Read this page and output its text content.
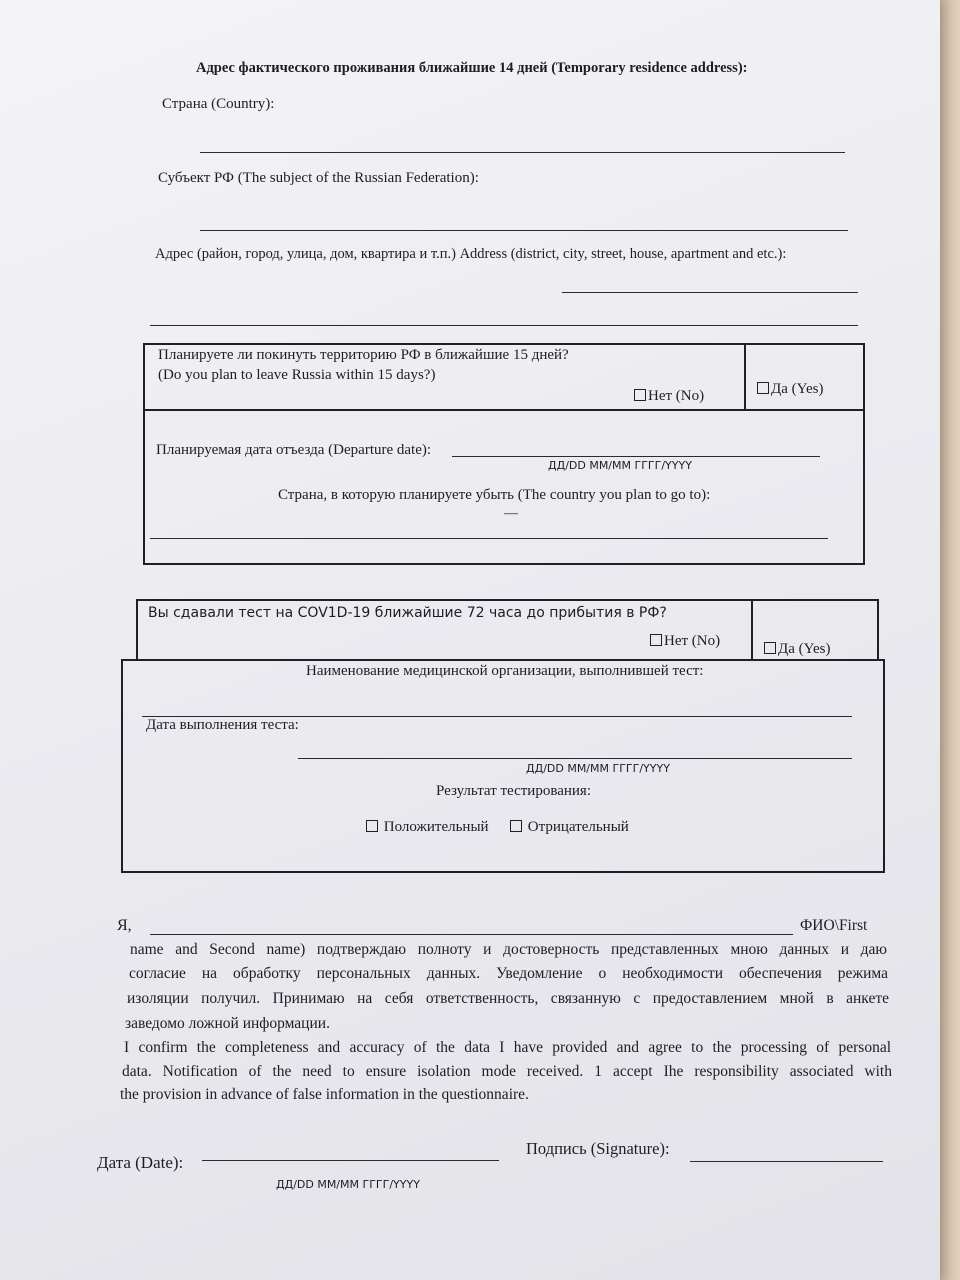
Адрес фактического проживания ближайшие 14 дней (Temporary residence address):
Страна (Country):
Субъект РФ (The subject of the Russian Federation):
Адрес (район, город, улица, дом, квартира и т.п.) Address (district, city, street, house, apartment and etc.):
Планируете ли покинуть территорию РФ в ближайшие 15 дней?
(Do you plan to leave Russia within 15 days?)
Нет (No)	Да (Yes)
Планируемая дата отъезда (Departure date):
ДД/DD ММ/MM ГГГГ/YYYY
Страна, в которую планируете убыть (The country you plan to go to):
—
Вы сдавали тест на COV1D-19 ближайшие 72 часа до прибытия в РФ?
Нет (No)	Да (Yes)
Наименование медицинской организации, выполнившей тест:
Дата выполнения теста:
ДД/DD ММ/MM ГГГГ/YYYY
Результат тестирования:
Положительный	Отрицательный
Я,	ФИО\First
name and Second name) подтверждаю полноту и достоверность представленных мною данных и даю
согласие на обработку персональных данных. Уведомление о необходимости обеспечения режима
изоляции получил. Принимаю на себя ответственность, связанную с предоставлением мной в анкете
заведомо ложной информации.
I confirm the completeness and accuracy of the data I have provided and agree to the processing of personal
data. Notification of the need to ensure isolation mode received. 1 accept Ihe responsibility associated with
the provision in advance of false information in the questionnaire.
Дата (Date):
ДД/DD ММ/MM ГГГГ/YYYY
Подпись (Signature):
